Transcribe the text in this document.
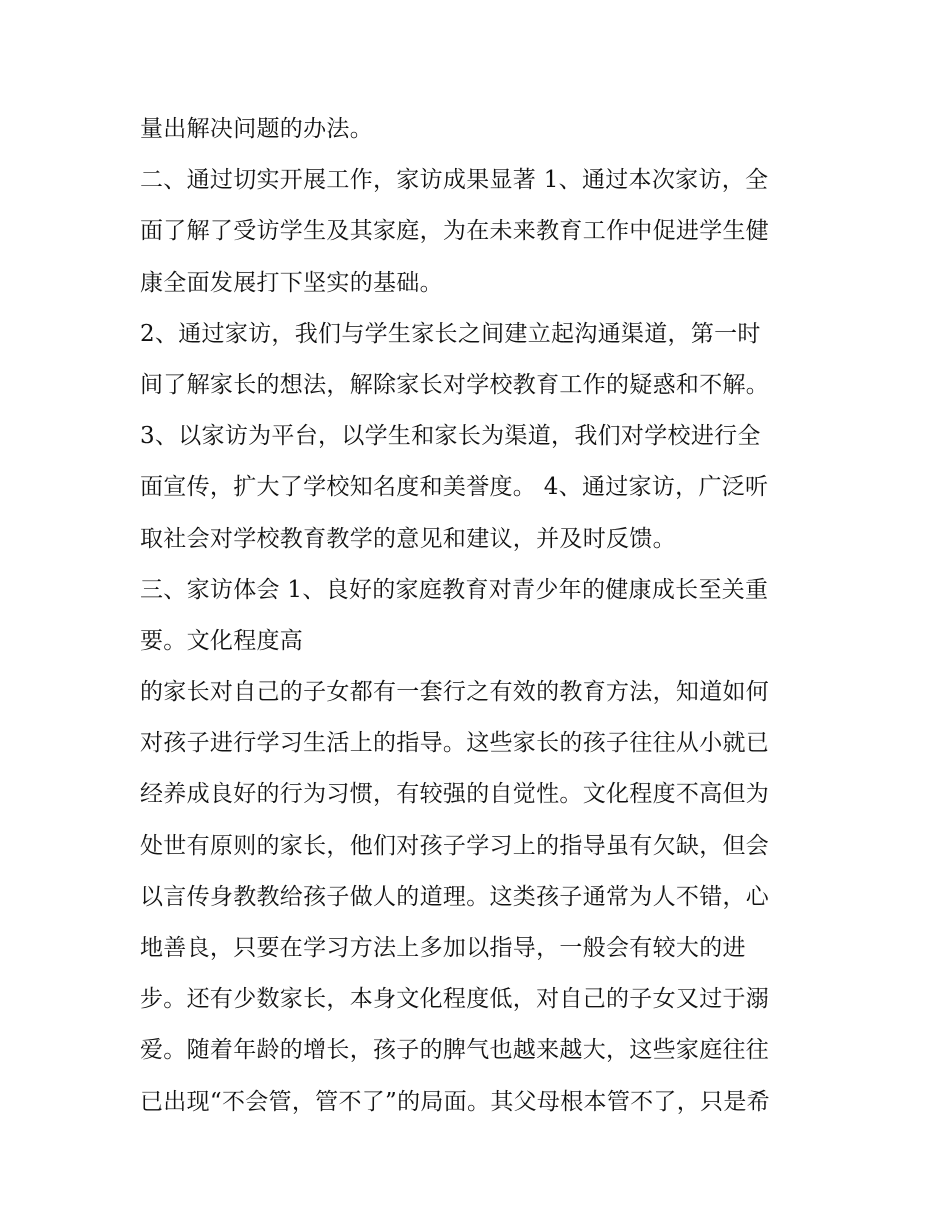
量出解决问题的办法。
二、通过切实开展工作，家访成果显著 1、通过本次家访，全
面了解了受访学生及其家庭，为在未来教育工作中促进学生健
康全面发展打下坚实的基础。
2、通过家访，我们与学生家长之间建立起沟通渠道，第一时
间了解家长的想法，解除家长对学校教育工作的疑惑和不解。
3、以家访为平台，以学生和家长为渠道，我们对学校进行全
面宣传，扩大了学校知名度和美誉度。 4、通过家访，广泛听
取社会对学校教育教学的意见和建议，并及时反馈。
三、家访体会 1、良好的家庭教育对青少年的健康成长至关重
要。文化程度高
的家长对自己的子女都有一套行之有效的教育方法，知道如何
对孩子进行学习生活上的指导。这些家长的孩子往往从小就已
经养成良好的行为习惯，有较强的自觉性。文化程度不高但为
处世有原则的家长，他们对孩子学习上的指导虽有欠缺，但会
以言传身教教给孩子做人的道理。这类孩子通常为人不错，心
地善良，只要在学习方法上多加以指导，一般会有较大的进
步。还有少数家长，本身文化程度低，对自己的子女又过于溺
爱。随着年龄的增长，孩子的脾气也越来越大，这些家庭往往
已出现“不会管，管不了”的局面。其父母根本管不了，只是希
